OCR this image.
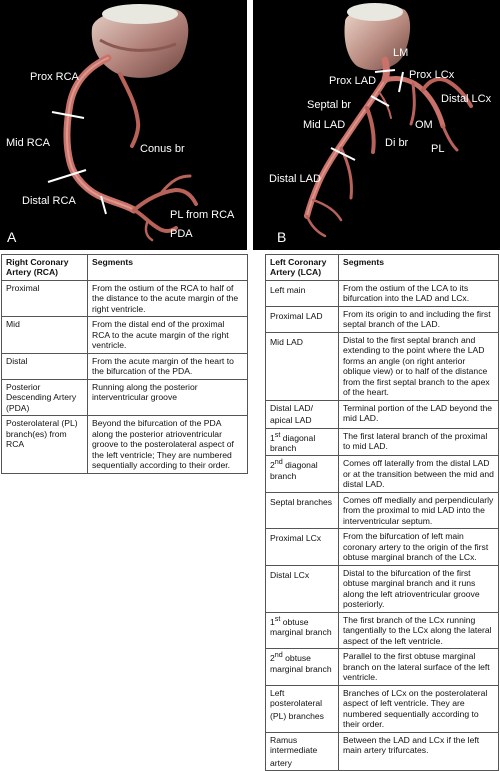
Prox RCA
Mid RCA
Distal RCA
Conus br
PL from RCA
PDA
A
LM
Prox LAD	Prox LCx
Septal br	Distal LCx
Mid LAD	OM
Di br PL
Distal LAD
B
Right Coronary Artery (RCA)	Segments
Proximal	From the ostium of the RCA to half of the distance to the acute margin of the right ventricle.
Mid	From the distal end of the proximal RCA to the acute margin of the right ventricle.
Distal	From the acute margin of the heart to the bifurcation of the PDA.
Posterior Descending Artery (PDA)	Running along the posterior interventricular groove
Posterolateral (PL) branch(es) from RCA	Beyond the bifurcation of the PDA along the posterior atrioventricular groove to the posterolateral aspect of the left ventricle; They are numbered sequentially according to their order.
Left Coronary Artery (LCA)	Segments
Left main	From the ostium of the LCA to its bifurcation into the LAD and LCx.
Proximal LAD	From its origin to and including the first septal branch of the LAD.
Mid LAD	Distal to the first septal branch and extending to the point where the LAD forms an angle (on right anterior oblique view) or to half of the distance from the first septal branch to the apex of the heart.
Distal LAD/ apical LAD	Terminal portion of the LAD beyond the mid LAD.
1st diagonal branch	The first lateral branch of the proximal to mid LAD.
2nd diagonal branch	Comes off laterally from the distal LAD or at the transition between the mid and distal LAD.
Septal branches	Comes off medially and perpendicularly from the proximal to mid LAD into the interventricular septum.
Proximal LCx	From the bifurcation of left main coronary artery to the origin of the first obtuse marginal branch of the LCx.
Distal LCx	Distal to the bifurcation of the first obtuse marginal branch and it runs along the left atrioventricular groove posteriorly.
1st obtuse marginal branch	The first branch of the LCx running tangentially to the LCx along the lateral aspect of the left ventricle.
2nd obtuse marginal branch	Parallel to the first obtuse marginal branch on the lateral surface of the left ventricle.
Left posterolateral (PL) branches	Branches of LCx on the posterolateral aspect of left ventricle. They are numbered sequentially according to their order.
Ramus intermediate artery	Between the LAD and LCx if the left main artery trifurcates.
